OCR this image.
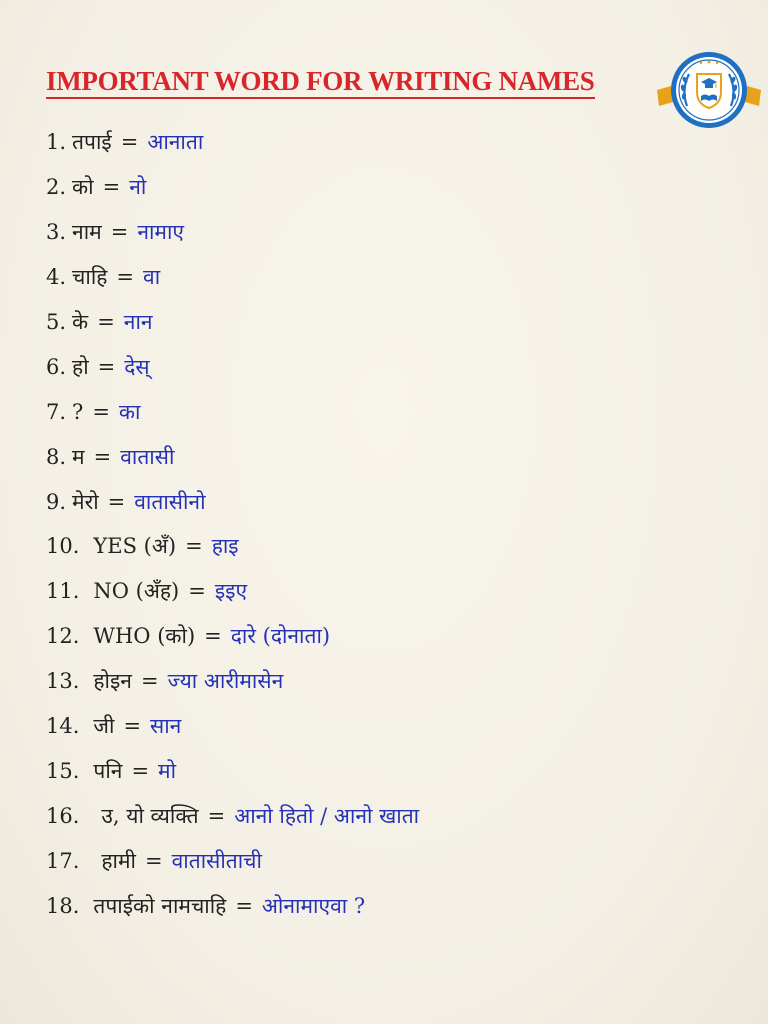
IMPORTANT WORD FOR WRITING NAMES
1. तपाई = आनाता
2. को = नो
3. नाम = नामाए
4. चाहि = वा
5. के = नान
6. हो = देस्
7. ? = का
8. म = वातासी
9. मेरो = वातासीनो
10. YES (अँ) = हाइ
11. NO (अँह) = इइए
12. WHO (को) = दारे (दोनाता)
13. होइन = ज्या आरीमासेन
14. जी = सान
15. पनि = मो
16. उ, यो व्यक्ति = आनो हितो / आनो खाता
17. हामी = वातासीताची
18. तपाईको नामचाहि = ओनामाएवा ?
